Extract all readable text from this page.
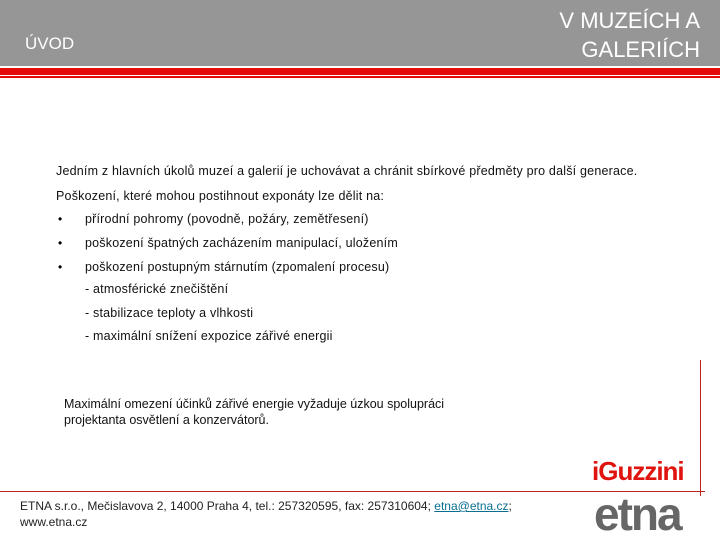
ÚVOD
V MUZEÍCH A
GALERIÍCH
Jedním z hlavních úkolů muzeí a galerií je uchovávat a chránit sbírkové předměty pro další generace.
Poškození, které mohou postihnout exponáty lze dělit na:
• přírodní pohromy (povodně, požáry, zemětřesení)
• poškození špatných zacházením manipulací, uložením
• poškození postupným stárnutím (zpomalení procesu)
- atmosférické znečištění
- stabilizace teploty a vlhkosti
- maximální snížení expozice zářivé energii
Maximální omezení účinků zářivé energie vyžaduje úzkou spolupráci
projektanta osvětlení a konzervátorů.
ETNA s.r.o., Mečislavova 2, 14000 Praha 4, tel.: 257320595, fax: 257310604; etna@etna.cz; www.etna.cz
iGuzzini
etna
